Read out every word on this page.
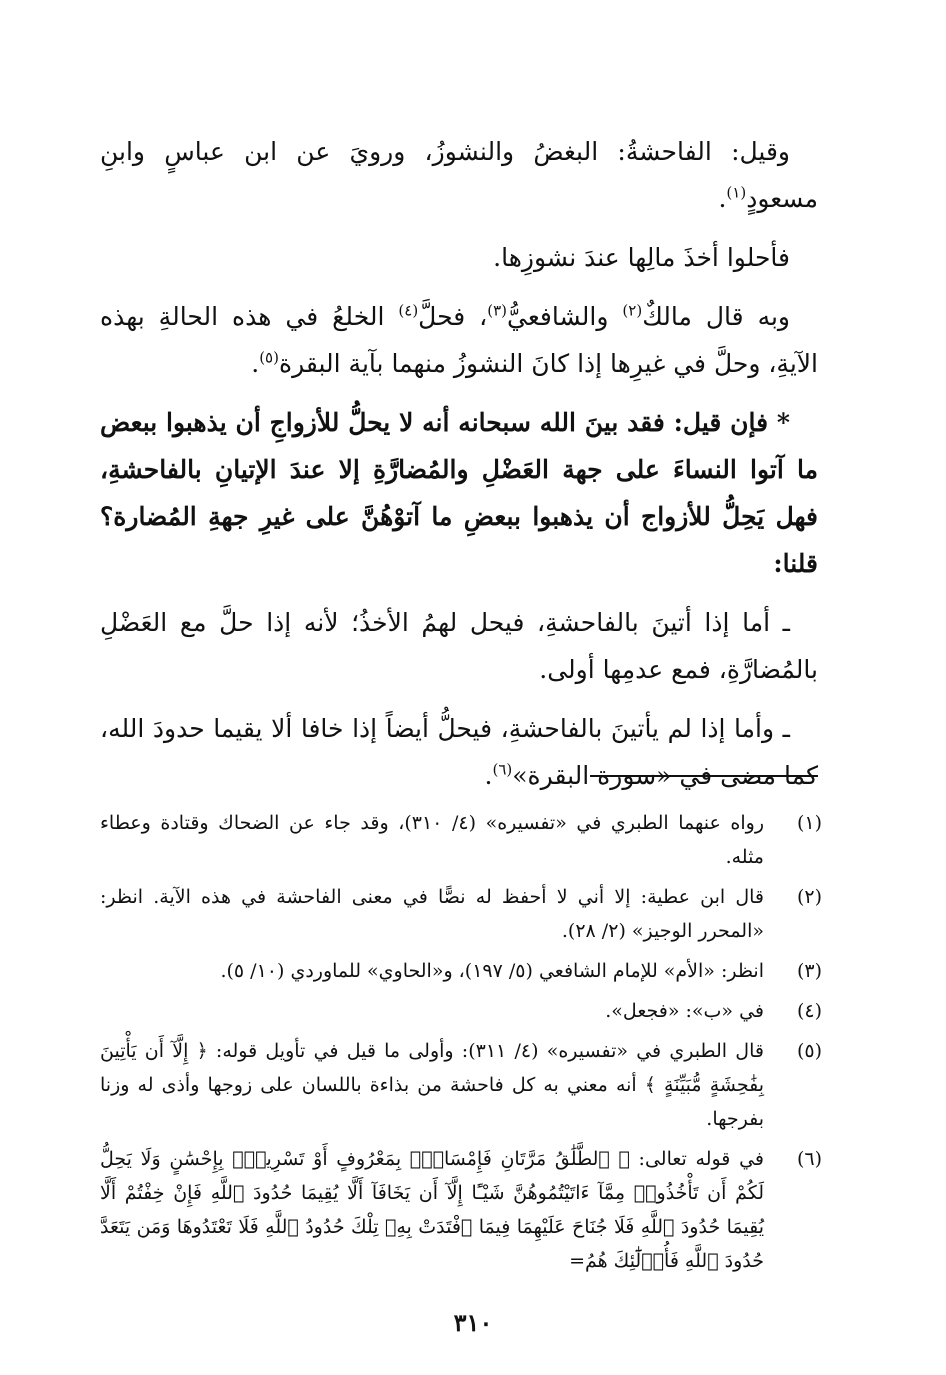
وقيل: الفاحشةُ: البغضُ والنشوزُ، ورويَ عن ابن عباسٍ وابنِ مسعودٍ$^{(١)}$.

فأحلوا أخذَ مالِها عندَ نشوزِها.

وبه قال مالكٌ$^{(٢)}$ والشافعيُّ$^{(٣)}$، فحلَّ$^{(٤)}$ الخلعُ في هذه الحالةِ بهذه الآيةِ، وحلَّ في غيرِها إذا كانَ النشوزُ منهما بآية البقرة$^{(٥)}$.

* فإن قيل: فقد بينَ الله سبحانه أنه لا يحلُّ للأزواجِ أن يذهبوا ببعض ما آتوا النساءَ على جهة العَضْلِ والمُضارَّةِ إلا عندَ الإتيانِ بالفاحشةِ، فهل يَحِلُّ للأزواج أن يذهبوا ببعضِ ما آتوْهُنَّ على غيرِ جهةِ المُضارة؟ قلنا:

ـ أما إذا أتينَ بالفاحشةِ، فيحل لهمُ الأخذُ؛ لأنه إذا حلَّ مع العَضْلِ بالمُضارَّةِ، فمع عدمِها أولى.

ـ وأما إذا لم يأتينَ بالفاحشةِ، فيحلُّ أيضاً إذا خافا ألا يقيما حدودَ الله، كما مضى في «سورة البقرة»$^{(٦)}$.

(١)
رواه عنهما الطبري في «تفسيره» (٤/ ٣١٠)، وقد جاء عن الضحاك وقتادة وعطاء مثله.
(٢)
قال ابن عطية: إلا أني لا أحفظ له نصًّا في معنى الفاحشة في هذه الآية. انظر: «المحرر الوجيز» (٢/ ٢٨).
(٣)
انظر: «الأم» للإمام الشافعي (٥/ ١٩٧)، و«الحاوي» للماوردي (١٠/ ٥).
(٤)
في «ب»: «فجعل».
(٥)
قال الطبري في «تفسيره» (٤/ ٣١١): وأولى ما قيل في تأويل قوله: ﴿ إِلَّآ أَن يَأْتِينَ بِفَٰحِشَةٍ مُّبَيِّنَةٍ ﴾ أنه معني به كل فاحشة من بذاءة باللسان على زوجها وأذى له وزنا بفرجها.
(٦)
في قوله تعالى: ﴿ ٱلطَّلَٰقُ مَرَّتَانِ فَإِمْسَاكٌۢ بِمَعْرُوفٍ أَوْ تَسْرِيحٌۢ بِإِحْسَٰنٍ وَلَا يَحِلُّ لَكُمْ أَن تَأْخُذُوا۟ مِمَّآ ءَاتَيْتُمُوهُنَّ شَيْـًٔا إِلَّآ أَن يَخَافَآ أَلَّا يُقِيمَا حُدُودَ ٱللَّهِ فَإِنْ خِفْتُمْ أَلَّا يُقِيمَا حُدُودَ ٱللَّهِ فَلَا جُنَاحَ عَلَيْهِمَا فِيمَا ٱفْتَدَتْ بِهِۦ تِلْكَ حُدُودُ ٱللَّهِ فَلَا تَعْتَدُوهَا وَمَن يَتَعَدَّ حُدُودَ ٱللَّهِ فَأُو۟لَٰٓئِكَ هُمُ=
٣١٠
